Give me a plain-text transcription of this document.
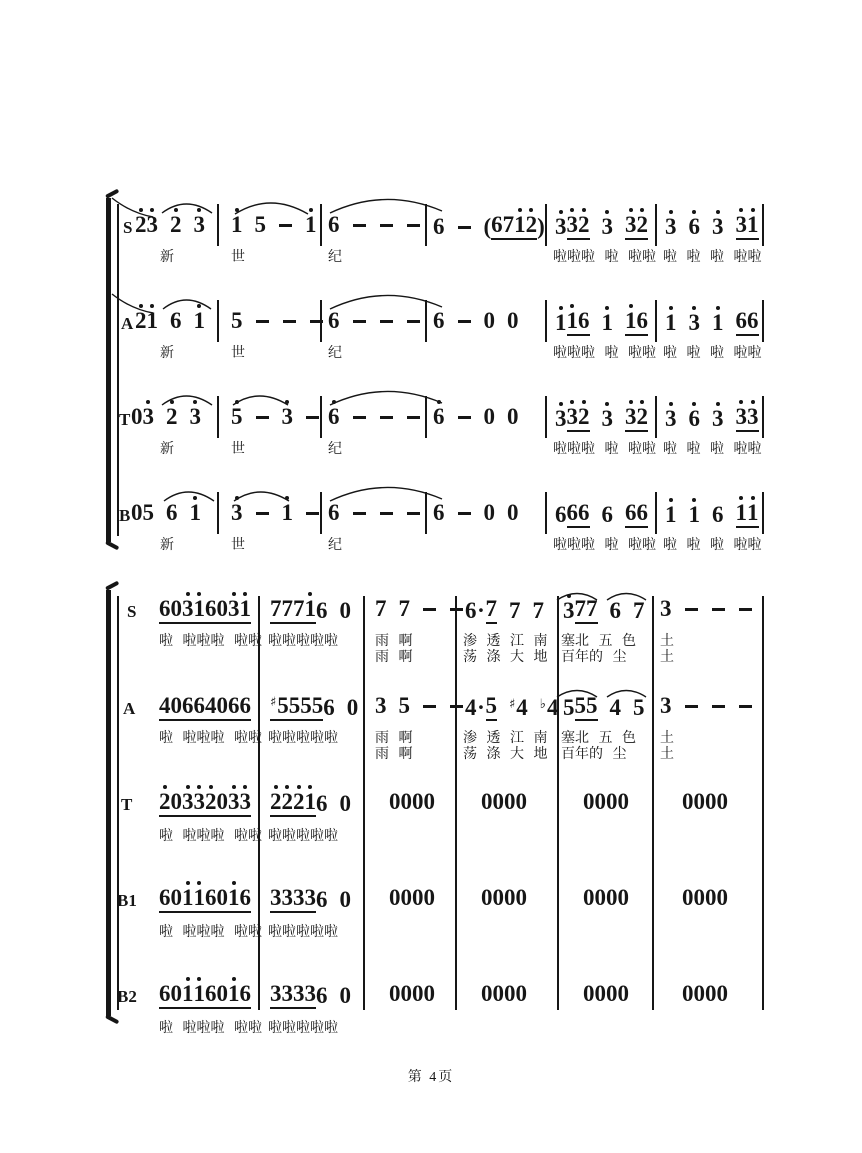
S 2
3 2 3
新
1 5 1
世
6
纪
6 (671
2
) 3
3
2 3 3
2
啦啦啦 啦 啦啦
3 6 3 3
1
啦 啦 啦 啦啦
A 2
1 6 1
新
5
世
6
纪
6 0 0 1
1
6 1 1
6
啦啦啦 啦 啦啦
1 3 1 66
啦 啦 啦 啦啦
T 03 2 3
新
5 3
世
6
纪
6 0 0 3
3
2 3 3
2
啦啦啦 啦 啦啦
3 6 3 3
3
啦 啦 啦 啦啦
B 05 6 1
新
3 1
世
6
纪
6 0 0 666 6 66
啦啦啦 啦 啦啦
1 1 6 1
1
啦 啦 啦 啦啦
S 603
1
603
1
啦 啦啦啦 啦啦
7771
6 0
啦啦啦啦啦
7 7
雨 啊
雨 啊
6·7 7 7
渗 透 江 南
荡 涤 大 地
3
77 6 7
塞北 五 色
百年的 尘
3
土
土
A 40664066
啦 啦啦啦 啦啦
♯55556 0
啦啦啦啦啦
3 5
雨 啊
雨 啊
4·5 ♯4 ♭4
渗 透 江 南
荡 涤 大 地
555 4 5
塞北 五 色
百年的 尘
3
土
土
T 2
03
3
2
03
3
啦 啦啦啦 啦啦
2
2
2
1
6 0
啦啦啦啦啦
0000 0000 0000 0000
B1 601
1
601
6
啦 啦啦啦 啦啦
33336 0
啦啦啦啦啦
0000 0000 0000 0000
B2 601
1
601
6
啦 啦啦啦 啦啦
33336 0
啦啦啦啦啦
0000 0000 0000 0000
第 4页
